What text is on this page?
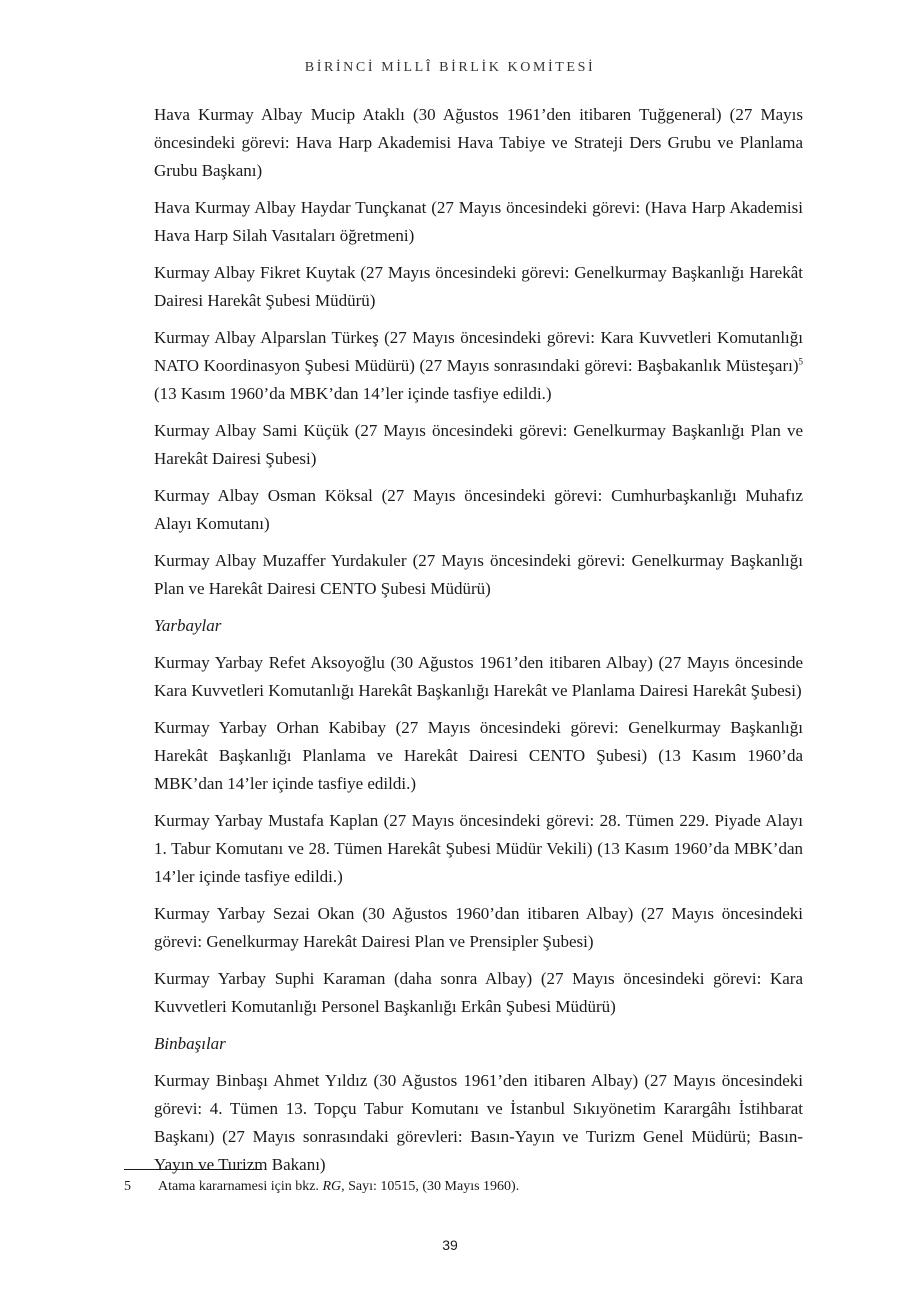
BİRİNCİ MİLLÎ BİRLİK KOMİTESİ

Hava Kurmay Albay Mucip Ataklı (30 Ağustos 1961’den itibaren Tuğgeneral) (27 Mayıs öncesindeki görevi: Hava Harp Akademisi Hava Tabiye ve Strateji Ders Grubu ve Planlama Grubu Başkanı)

Hava Kurmay Albay Haydar Tunçkanat (27 Mayıs öncesindeki görevi: (Hava Harp Akademisi Hava Harp Silah Vasıtaları öğretmeni)

Kurmay Albay Fikret Kuytak (27 Mayıs öncesindeki görevi: Genelkurmay Başkanlığı Harekât Dairesi Harekât Şubesi Müdürü)

Kurmay Albay Alparslan Türkeş (27 Mayıs öncesindeki görevi: Kara Kuvvetleri Komutanlığı NATO Koordinasyon Şubesi Müdürü) (27 Mayıs sonrasındaki görevi: Başbakanlık Müsteşarı)$^5$ (13 Kasım 1960’da MBK’dan 14’ler içinde tasfiye edildi.)

Kurmay Albay Sami Küçük (27 Mayıs öncesindeki görevi: Genelkurmay Başkanlığı Plan ve Harekât Dairesi Şubesi)

Kurmay Albay Osman Köksal (27 Mayıs öncesindeki görevi: Cumhurbaşkanlığı Muhafız Alayı Komutanı)

Kurmay Albay Muzaffer Yurdakuler (27 Mayıs öncesindeki görevi: Genelkurmay Başkanlığı Plan ve Harekât Dairesi CENTO Şubesi Müdürü)

Yarbaylar

Kurmay Yarbay Refet Aksoyoğlu (30 Ağustos 1961’den itibaren Albay) (27 Mayıs öncesinde Kara Kuvvetleri Komutanlığı Harekât Başkanlığı Harekât ve Planlama Dairesi Harekât Şubesi)

Kurmay Yarbay Orhan Kabibay (27 Mayıs öncesindeki görevi: Genelkurmay Başkanlığı Harekât Başkanlığı Planlama ve Harekât Dairesi CENTO Şubesi) (13 Kasım 1960’da MBK’dan 14’ler içinde tasfiye edildi.)

Kurmay Yarbay Mustafa Kaplan (27 Mayıs öncesindeki görevi: 28. Tümen 229. Piyade Alayı 1. Tabur Komutanı ve 28. Tümen Harekât Şubesi Müdür Vekili) (13 Kasım 1960’da MBK’dan 14’ler içinde tasfiye edildi.)

Kurmay Yarbay Sezai Okan (30 Ağustos 1960’dan itibaren Albay) (27 Mayıs öncesindeki görevi: Genelkurmay Harekât Dairesi Plan ve Prensipler Şubesi)

Kurmay Yarbay Suphi Karaman (daha sonra Albay) (27 Mayıs öncesindeki görevi: Kara Kuvvetleri Komutanlığı Personel Başkanlığı Erkân Şubesi Müdürü)

Binbaşılar

Kurmay Binbaşı Ahmet Yıldız (30 Ağustos 1961’den itibaren Albay) (27 Mayıs öncesindeki görevi: 4. Tümen 13. Topçu Tabur Komutanı ve İstanbul Sıkıyönetim Karargâhı İstihbarat Başkanı) (27 Mayıs sonrasındaki görevleri: Basın-Yayın ve Turizm Genel Müdürü; Basın-Yayın ve Turizm Bakanı)

5 Atama kararnamesi için bkz. RG, Sayı: 10515, (30 Mayıs 1960).
39
